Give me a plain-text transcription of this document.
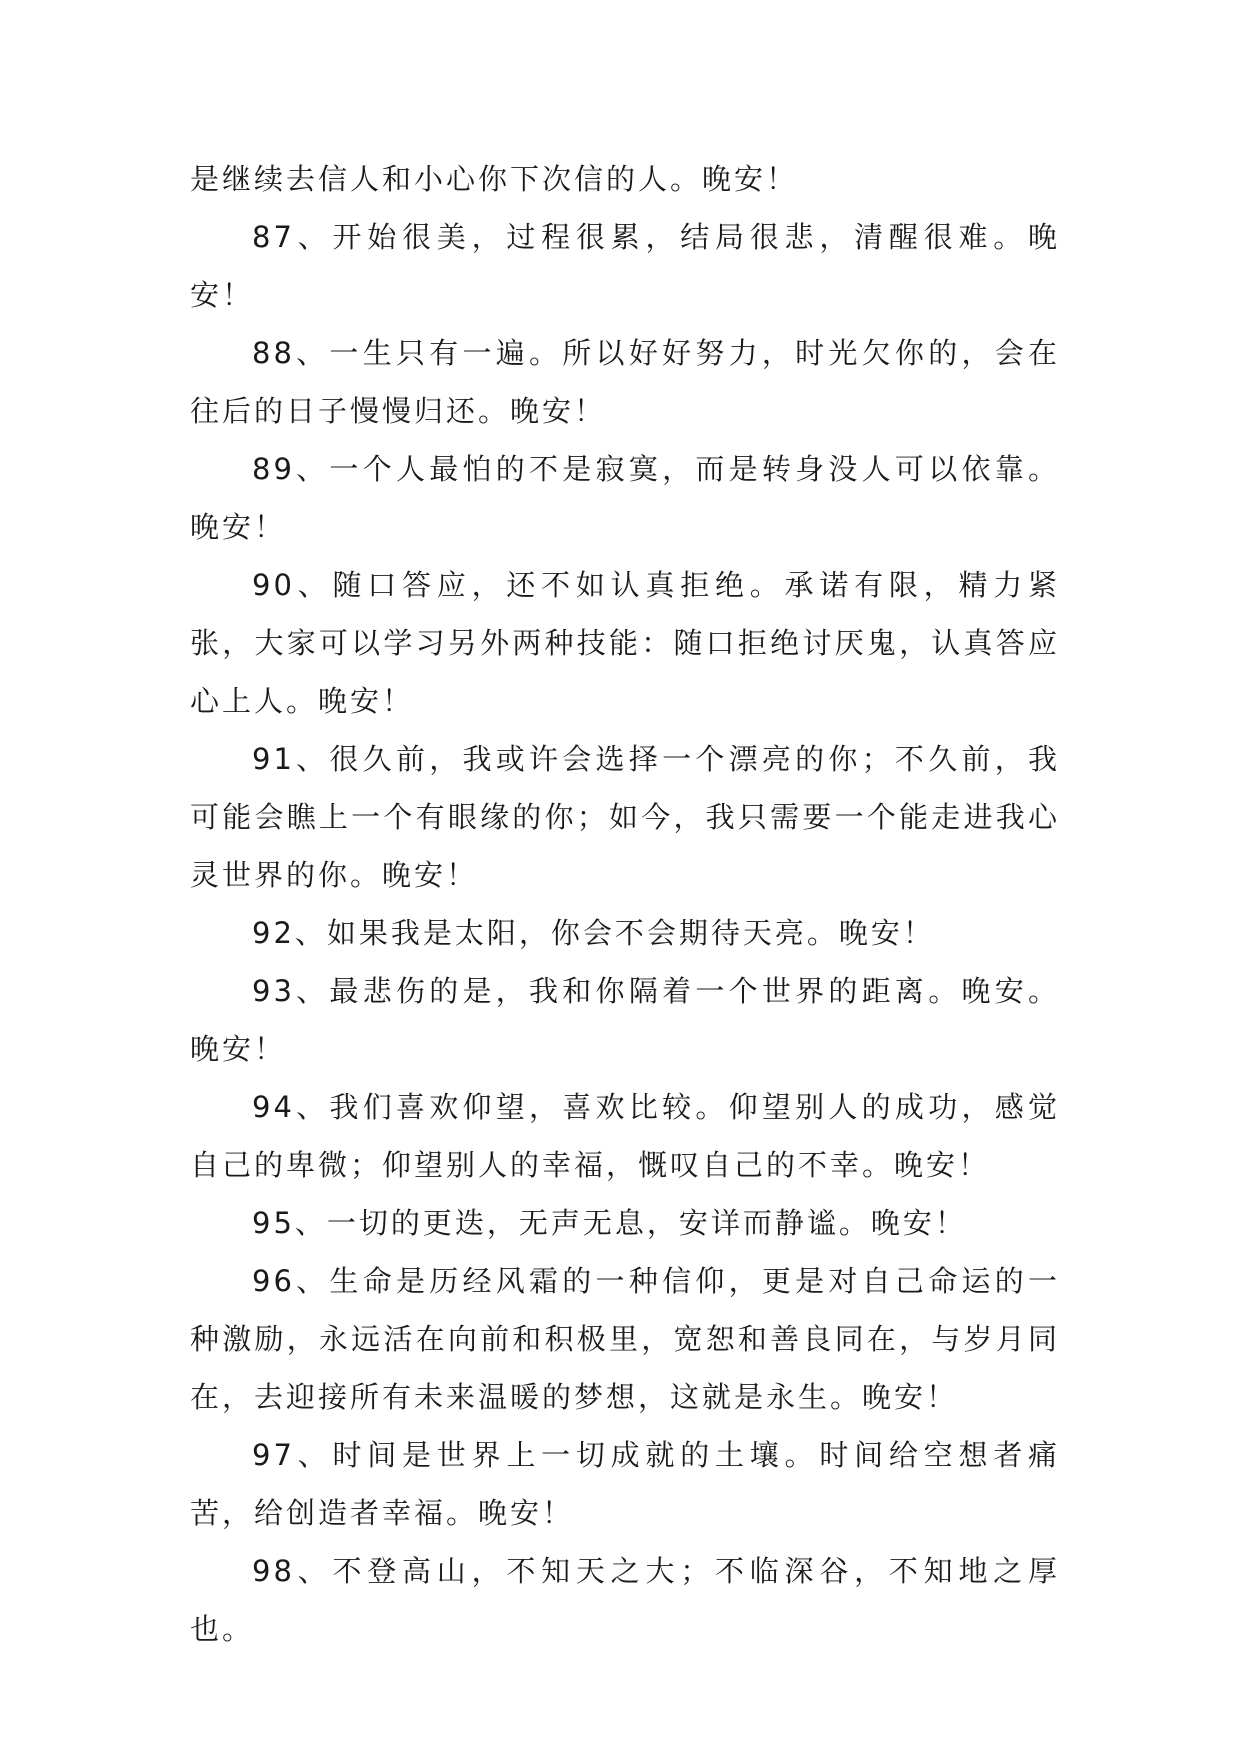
是继续去信人和小心你下次信的人。晚安！

87、开始很美，过程很累，结局很悲，清醒很难。晚安！

88、一生只有一遍。所以好好努力，时光欠你的，会在往后的日子慢慢归还。晚安！

89、一个人最怕的不是寂寞，而是转身没人可以依靠。晚安！

90、随口答应，还不如认真拒绝。承诺有限，精力紧张，大家可以学习另外两种技能：随口拒绝讨厌鬼，认真答应心上人。晚安！

91、很久前，我或许会选择一个漂亮的你；不久前，我可能会瞧上一个有眼缘的你；如今，我只需要一个能走进我心灵世界的你。晚安！

92、如果我是太阳，你会不会期待天亮。晚安！

93、最悲伤的是，我和你隔着一个世界的距离。晚安。晚安！

94、我们喜欢仰望，喜欢比较。仰望别人的成功，感觉自己的卑微；仰望别人的幸福，慨叹自己的不幸。晚安！

95、一切的更迭，无声无息，安详而静谧。晚安！

96、生命是历经风霜的一种信仰，更是对自己命运的一种激励，永远活在向前和积极里，宽恕和善良同在，与岁月同在，去迎接所有未来温暖的梦想，这就是永生。晚安！

97、时间是世界上一切成就的土壤。时间给空想者痛苦，给创造者幸福。晚安！

98、不登高山，不知天之大；不临深谷，不知地之厚也。
